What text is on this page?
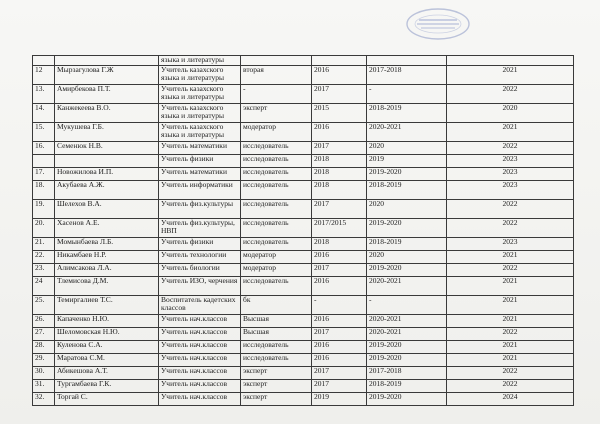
		языка и литературы				
12	Мырзагулова Г.Ж	Учитель казахского языка и литературы	вторая	2016	2017-2018	2021
13.	Амирбекова П.Т.	Учитель казахского языка и литературы	-	2017	-	2022
14.	Канжекеева В.О.	Учитель казахского языка и литературы	эксперт	2015	2018-2019	2020
15.	Мукушева Г.Б.	Учитель казахского языка и литературы	модератор	2016	2020-2021	2021
16.	Семенюк Н.В.	Учитель математики	исследователь	2017	2020	2022
		Учитель физики	исследователь	2018	2019	2023
17.	Новожилова И.П.	Учитель математики	исследователь	2018	2019-2020	2023
18.	Акубаева А.Ж.	Учитель информатики	исследователь	2018	2018-2019	2023
19.	Шелехов В.А.	Учитель физ.культуры	исследователь	2017	2020	2022
20.	Хасенов А.Е.	Учитель физ.культуры, НВП	исследователь	2017/2015	2019-2020	2022
21.	Момынбаева Л.Б.	Учитель физики	исследователь	2018	2018-2019	2023
22.	Никамбаев Н.Р.	Учитель технологии	модератор	2016	2020	2021
23.	Алимсакова Л.А.	Учитель биологии	модератор	2017	2019-2020	2022
24	Тлемисова Д.М.	Учитель ИЗО, черчения	исследователь	2016	2020-2021	2021
25.	Темиргалиев Т.С.	Воспитатель кадетских классов	бк	-	-	2021
26.	Капаченко Н.Ю.	Учитель нач.классов	Высшая	2016	2020-2021	2021
27.	Шеломовская Н.Ю.	Учитель нач.классов	Высшая	2017	2020-2021	2022
28.	Куленова С.А.	Учитель нач.классов	исследователь	2016	2019-2020	2021
29.	Маратова С.М.	Учитель нач.классов	исследователь	2016	2019-2020	2021
30.	Абикешова А.Т.	Учитель нач.классов	эксперт	2017	2017-2018	2022
31.	Тургамбаева Г.К.	Учитель нач.классов	эксперт	2017	2018-2019	2022
32.	Торгай С.	Учитель нач.классов	эксперт	2019	2019-2020	2024
